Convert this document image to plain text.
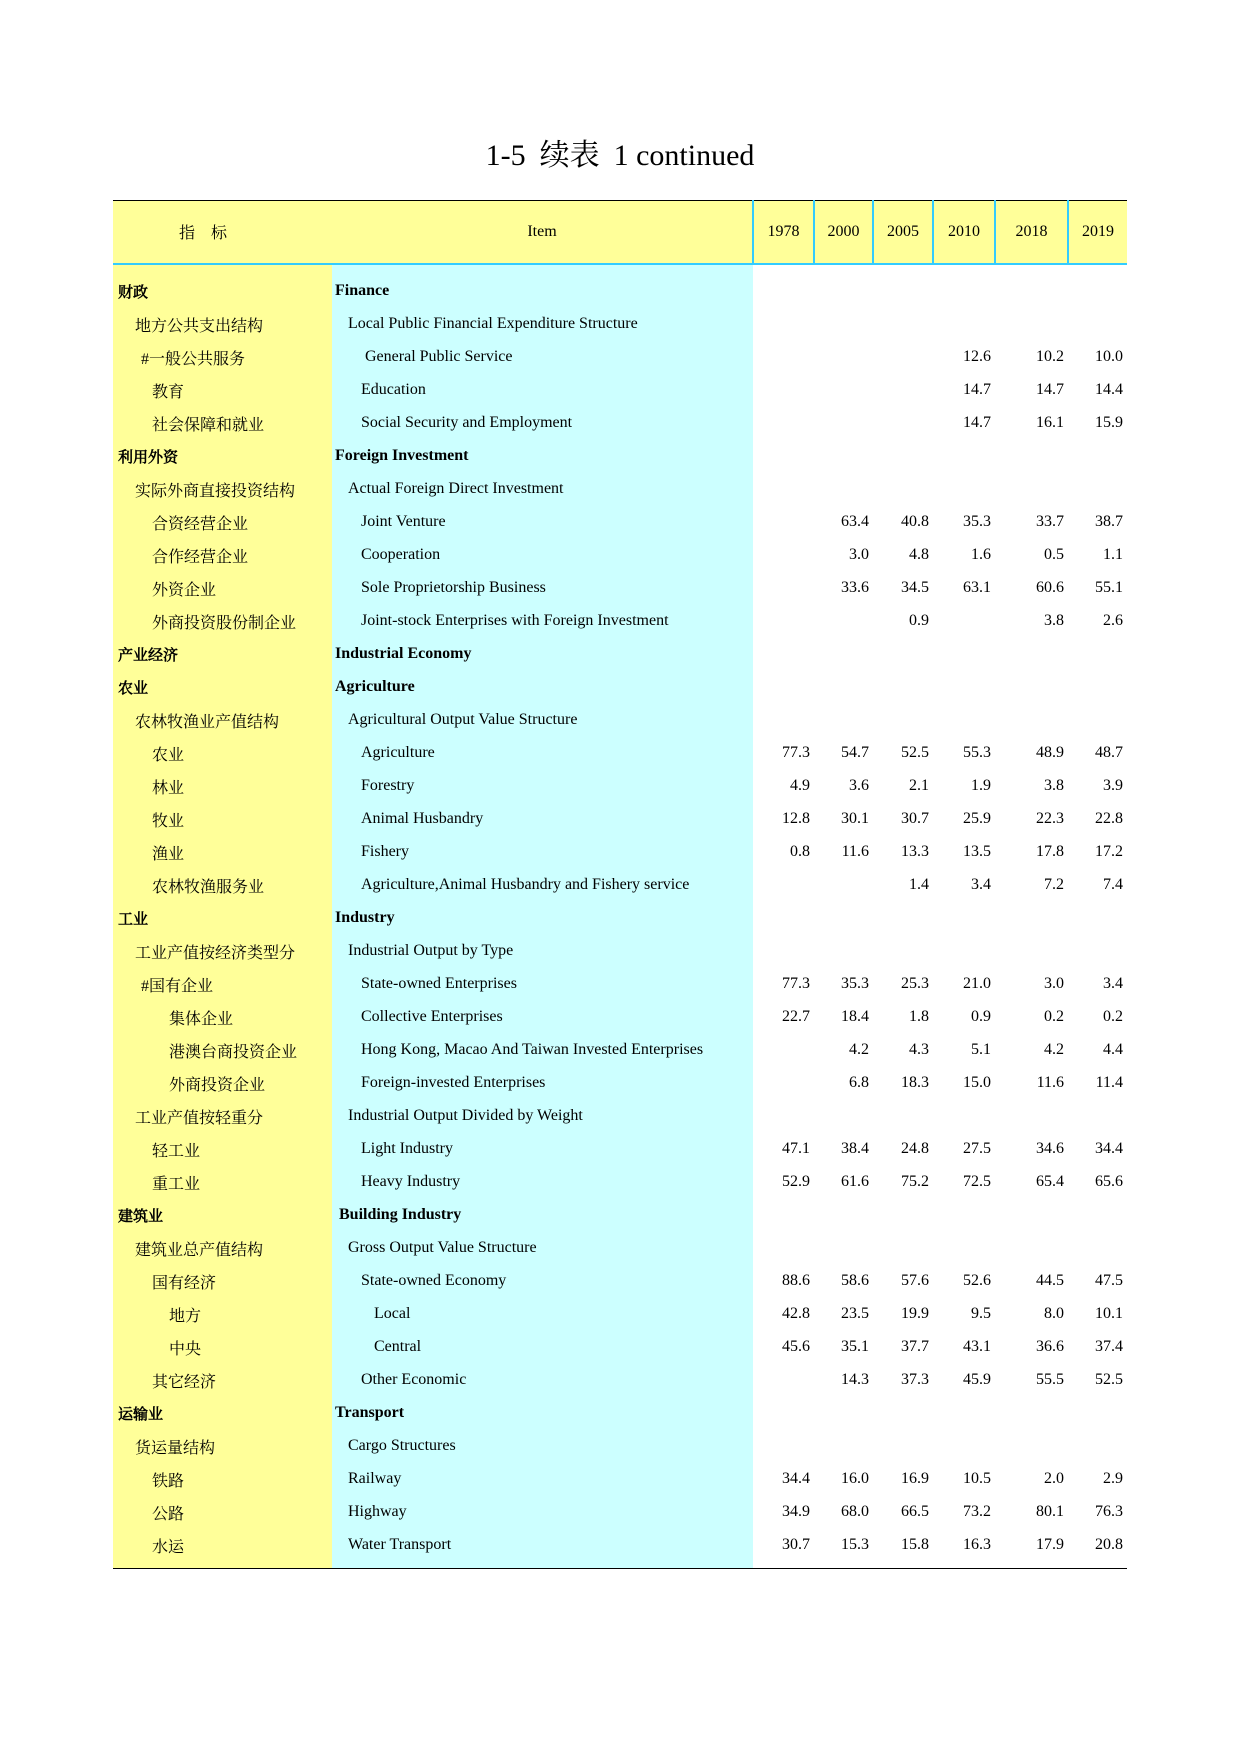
1-5 续表 1 continued
指　标	Item	1978	2000	2005	2010	2018	2019
财政	Finance						
地方公共支出结构	Local Public Financial Expenditure Structure						
#一般公共服务	General Public Service				12.6	10.2	10.0
教育	Education				14.7	14.7	14.4
社会保障和就业	Social Security and Employment				14.7	16.1	15.9
利用外资	Foreign Investment						
实际外商直接投资结构	Actual Foreign Direct Investment						
合资经营企业	Joint Venture		63.4	40.8	35.3	33.7	38.7
合作经营企业	Cooperation		3.0	4.8	1.6	0.5	1.1
外资企业	Sole Proprietorship Business		33.6	34.5	63.1	60.6	55.1
外商投资股份制企业	Joint-stock Enterprises with Foreign Investment			0.9		3.8	2.6
产业经济	Industrial Economy						
农业	Agriculture						
农林牧渔业产值结构	Agricultural Output Value Structure						
农业	Agriculture	77.3	54.7	52.5	55.3	48.9	48.7
林业	Forestry	4.9	3.6	2.1	1.9	3.8	3.9
牧业	Animal Husbandry	12.8	30.1	30.7	25.9	22.3	22.8
渔业	Fishery	0.8	11.6	13.3	13.5	17.8	17.2
农林牧渔服务业	Agriculture,Animal Husbandry and Fishery service			1.4	3.4	7.2	7.4
工业	Industry						
工业产值按经济类型分	Industrial Output by Type						
#国有企业	State-owned Enterprises	77.3	35.3	25.3	21.0	3.0	3.4
集体企业	Collective Enterprises	22.7	18.4	1.8	0.9	0.2	0.2
港澳台商投资企业	Hong Kong, Macao And Taiwan Invested Enterprises		4.2	4.3	5.1	4.2	4.4
外商投资企业	Foreign-invested Enterprises		6.8	18.3	15.0	11.6	11.4
工业产值按轻重分	Industrial Output Divided by Weight						
轻工业	Light Industry	47.1	38.4	24.8	27.5	34.6	34.4
重工业	Heavy Industry	52.9	61.6	75.2	72.5	65.4	65.6
建筑业	Building Industry						
建筑业总产值结构	Gross Output Value Structure						
国有经济	State-owned Economy	88.6	58.6	57.6	52.6	44.5	47.5
地方	Local	42.8	23.5	19.9	9.5	8.0	10.1
中央	Central	45.6	35.1	37.7	43.1	36.6	37.4
其它经济	Other Economic		14.3	37.3	45.9	55.5	52.5
运输业	Transport						
货运量结构	Cargo Structures						
铁路	Railway	34.4	16.0	16.9	10.5	2.0	2.9
公路	Highway	34.9	68.0	66.5	73.2	80.1	76.3
水运	Water Transport	30.7	15.3	15.8	16.3	17.9	20.8
